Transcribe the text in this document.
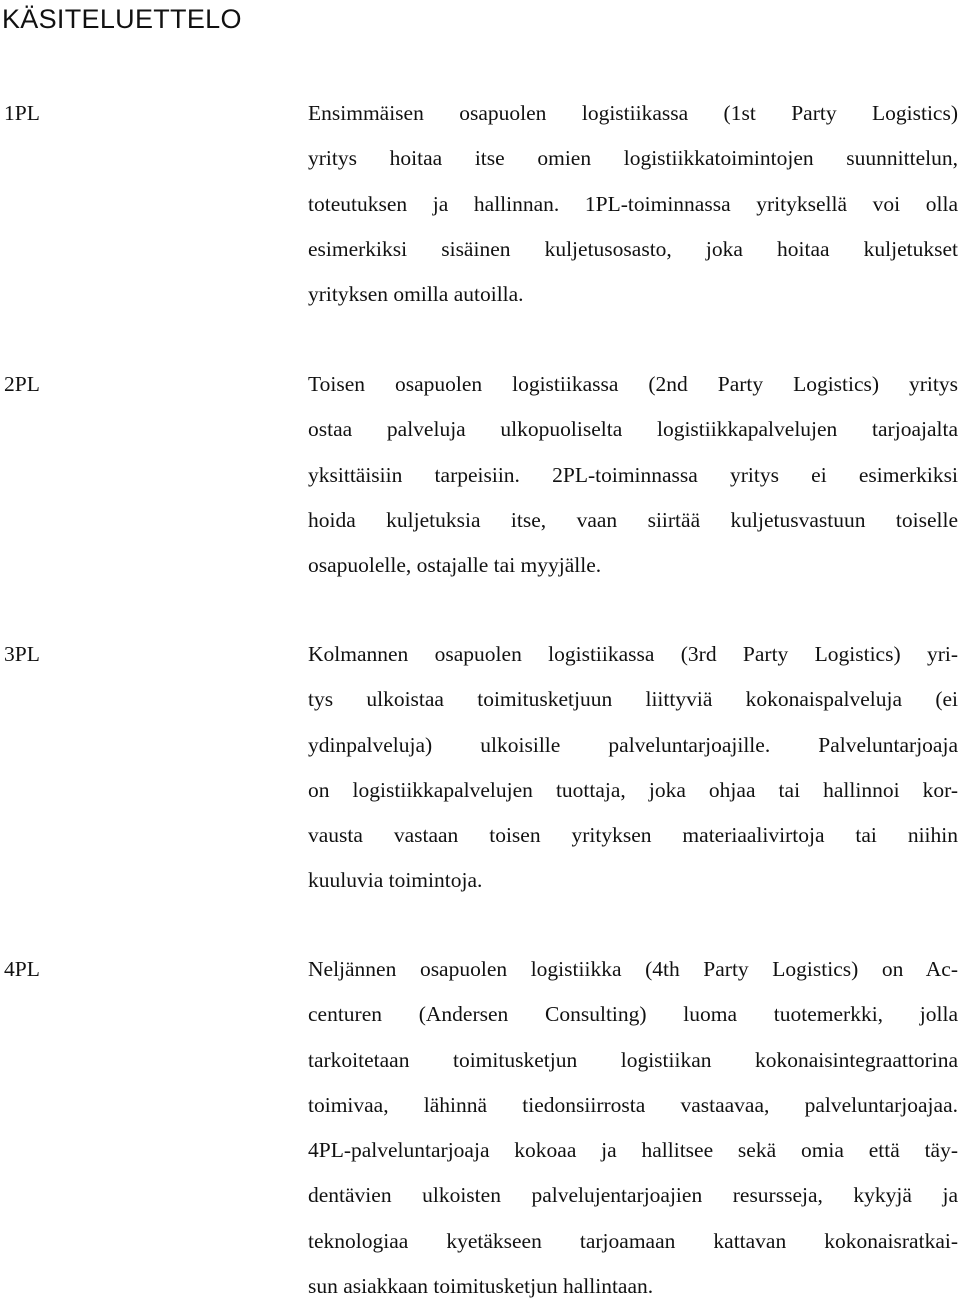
KÄSITELUETTELO
1PL	Ensimmäisen osapuolen logistiikassa (1st Party Logistics)
yritys hoitaa itse omien logistiikkatoimintojen suunnittelun,
toteutuksen ja hallinnan. 1PL-toiminnassa yrityksellä voi olla
esimerkiksi sisäinen kuljetusosasto, joka hoitaa kuljetukset
yrityksen omilla autoilla.
2PL	Toisen osapuolen logistiikassa (2nd Party Logistics) yritys
ostaa palveluja ulkopuoliselta logistiikkapalvelujen tarjoajalta
yksittäisiin tarpeisiin. 2PL-toiminnassa yritys ei esimerkiksi
hoida kuljetuksia itse, vaan siirtää kuljetusvastuun toiselle
osapuolelle, ostajalle tai myyjälle.
3PL	Kolmannen osapuolen logistiikassa (3rd Party Logistics) yri-
tys ulkoistaa toimitusketjuun liittyviä kokonaispalveluja (ei
ydinpalveluja) ulkoisille palveluntarjoajille. Palveluntarjoaja
on logistiikkapalvelujen tuottaja, joka ohjaa tai hallinnoi kor-
vausta vastaan toisen yrityksen materiaalivirtoja tai niihin
kuuluvia toimintoja.
4PL	Neljännen osapuolen logistiikka (4th Party Logistics) on Ac-
centuren (Andersen Consulting) luoma tuotemerkki, jolla
tarkoitetaan toimitusketjun logistiikan kokonaisintegraattorina
toimivaa, lähinnä tiedonsiirrosta vastaavaa, palveluntarjoajaa.
4PL-palveluntarjoaja kokoaa ja hallitsee sekä omia että täy-
dentävien ulkoisten palvelujentarjoajien resursseja, kykyjä ja
teknologiaa kyetäkseen tarjoamaan kattavan kokonaisratkai-
sun asiakkaan toimitusketjun hallintaan.
